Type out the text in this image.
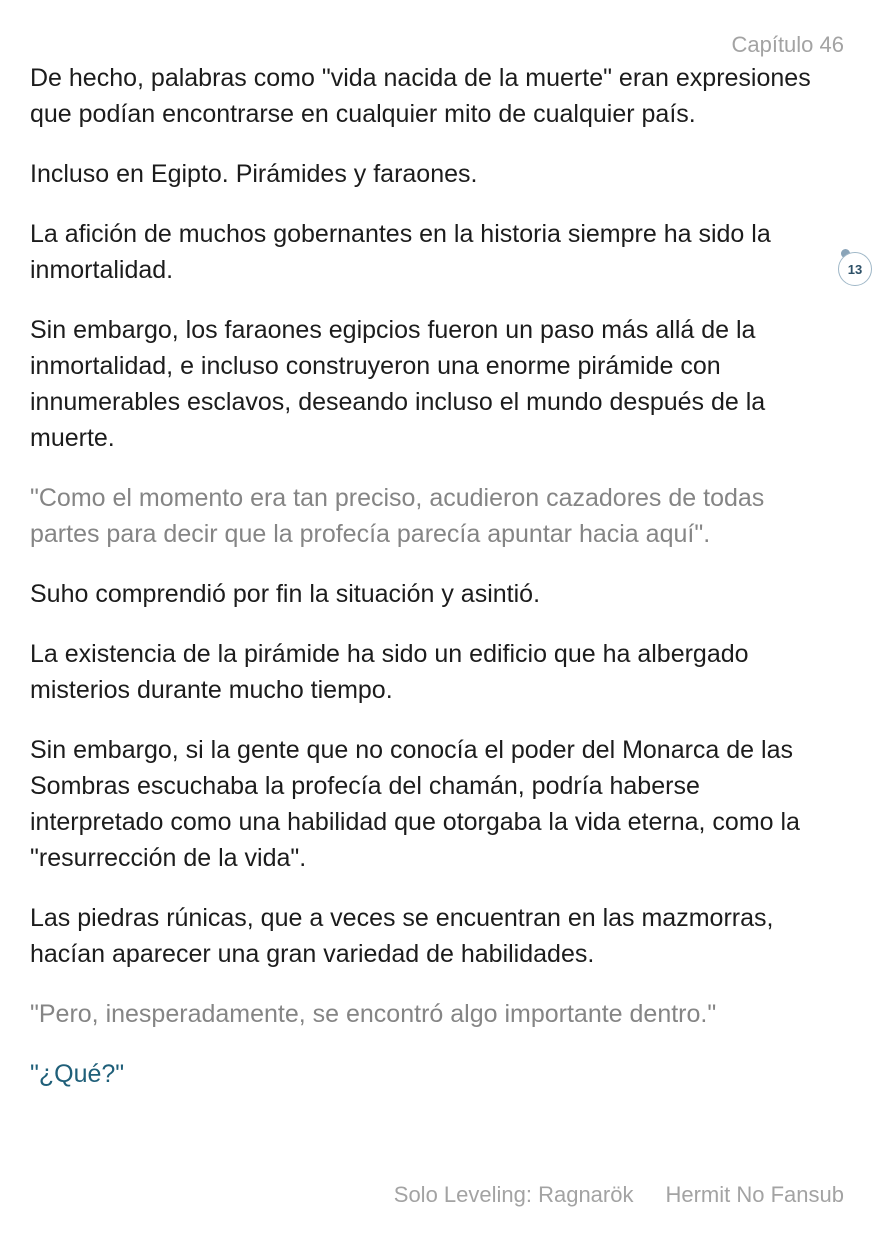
Capítulo 46

De hecho, palabras como "vida nacida de la muerte" eran expresiones que podían encontrarse en cualquier mito de cualquier país.

Incluso en Egipto. Pirámides y faraones.

La afición de muchos gobernantes en la historia siempre ha sido la inmortalidad.

Sin embargo, los faraones egipcios fueron un paso más allá de la inmortalidad, e incluso construyeron una enorme pirámide con innumerables esclavos, deseando incluso el mundo después de la muerte.

"Como el momento era tan preciso, acudieron cazadores de todas partes para decir que la profecía parecía apuntar hacia aquí".

Suho comprendió por fin la situación y asintió.

La existencia de la pirámide ha sido un edificio que ha albergado misterios durante mucho tiempo.

Sin embargo, si la gente que no conocía el poder del Monarca de las Sombras escuchaba la profecía del chamán, podría haberse interpretado como una habilidad que otorgaba la vida eterna, como la "resurrección de la vida".

Las piedras rúnicas, que a veces se encuentran en las mazmorras, hacían aparecer una gran variedad de habilidades.

"Pero, inesperadamente, se encontró algo importante dentro."

"¿Qué?"

13
Solo Leveling: Ragnarök Hermit No Fansub
